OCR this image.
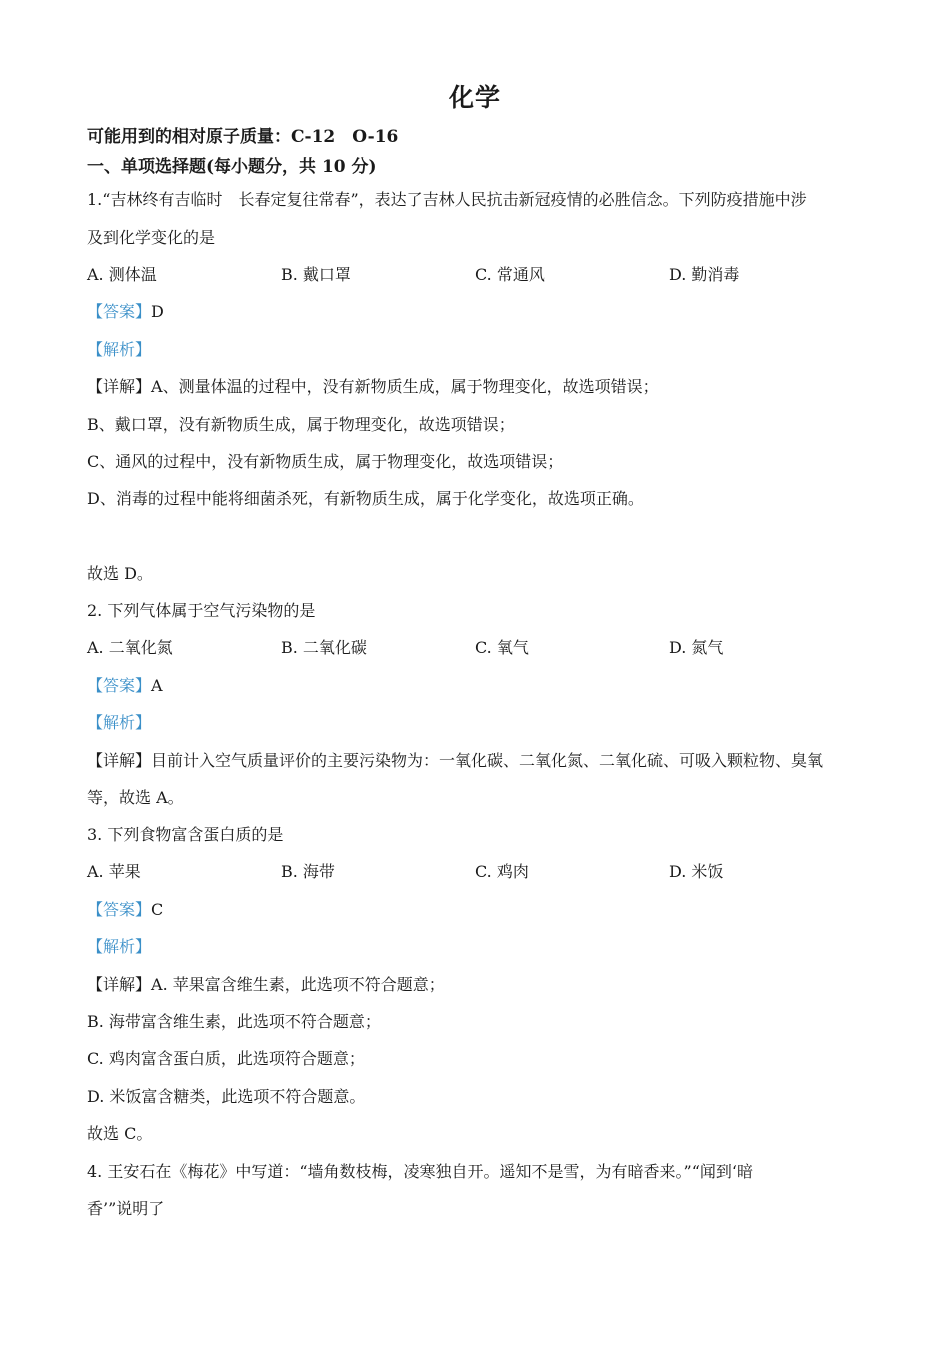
化学
可能用到的相对原子质量：C-12　O-16
一、单项选择题(每小题分，共 10 分)
1.“吉林终有吉临时　长春定复往常春”，表达了吉林人民抗击新冠疫情的必胜信念。下列防疫措施中涉
及到化学变化的是
A. 测体温	B. 戴口罩	C. 常通风	D. 勤消毒
【答案】D
【解析】
【详解】A、测量体温的过程中，没有新物质生成，属于物理变化，故选项错误；
B、戴口罩，没有新物质生成，属于物理变化，故选项错误；
C、通风的过程中，没有新物质生成，属于物理变化，故选项错误；
D、消毒的过程中能将细菌杀死，有新物质生成，属于化学变化，故选项正确。
故选 D。
2. 下列气体属于空气污染物的是
A. 二氧化氮	B. 二氧化碳	C. 氧气	D. 氮气
【答案】A
【解析】
【详解】目前计入空气质量评价的主要污染物为：一氧化碳、二氧化氮、二氧化硫、可吸入颗粒物、臭氧
等，故选 A。
3. 下列食物富含蛋白质的是
A. 苹果	B. 海带	C. 鸡肉	D. 米饭
【答案】C
【解析】
【详解】A. 苹果富含维生素，此选项不符合题意；
B. 海带富含维生素，此选项不符合题意；
C. 鸡肉富含蛋白质，此选项符合题意；
D. 米饭富含糖类，此选项不符合题意。
故选 C。
4. 王安石在《梅花》中写道：“墙角数枝梅，凌寒独自开。遥知不是雪，为有暗香来。”“闻到‘暗
香’”说明了
